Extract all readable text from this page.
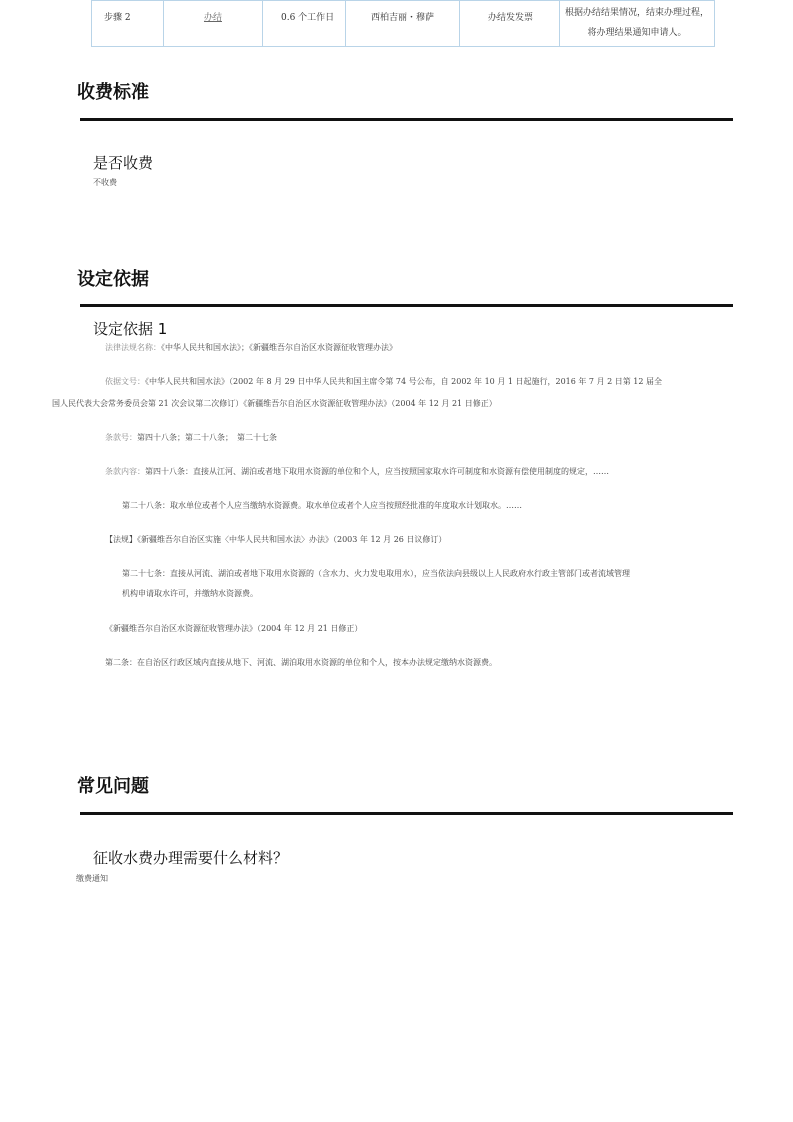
步骤 2	办结	0.6 个工作日	西柏吉丽・穆萨	办结发发票	根据办结结果情况，结束办理过程，
将办理结果通知申请人。
收费标准
是否收费
不收费
设定依据
设定依据 1
法律法规名称：《中华人民共和国水法》；《新疆维吾尔自治区水资源征收管理办法》
依据文号：《中华人民共和国水法》（2002 年 8 月 29 日中华人民共和国主席令第 74 号公布，自 2002 年 10 月 1 日起施行，2016 年 7 月 2 日第 12 届全
国人民代表大会常务委员会第 21 次会议第二次修订）《新疆维吾尔自治区水资源征收管理办法》（2004 年 12 月 21 日修正）
条款号：第四十八条；第二十八条；　第二十七条
条款内容：第四十八条：直接从江河、湖泊或者地下取用水资源的单位和个人，应当按照国家取水许可制度和水资源有偿使用制度的规定，……
第二十八条：取水单位或者个人应当缴纳水资源费。取水单位或者个人应当按照经批准的年度取水计划取水。……
【法规】《新疆维吾尔自治区实施〈中华人民共和国水法〉办法》（2003 年 12 月 26 日议修订）
第二十七条：直接从河流、湖泊或者地下取用水资源的（含水力、火力发电取用水），应当依法向县级以上人民政府水行政主管部门或者流域管理
机构申请取水许可，并缴纳水资源费。
《新疆维吾尔自治区水资源征收管理办法》（2004 年 12 月 21 日修正）
第二条：在自治区行政区域内直接从地下、河流、湖泊取用水资源的单位和个人，按本办法规定缴纳水资源费。
常见问题
征收水费办理需要什么材料？
缴费通知
